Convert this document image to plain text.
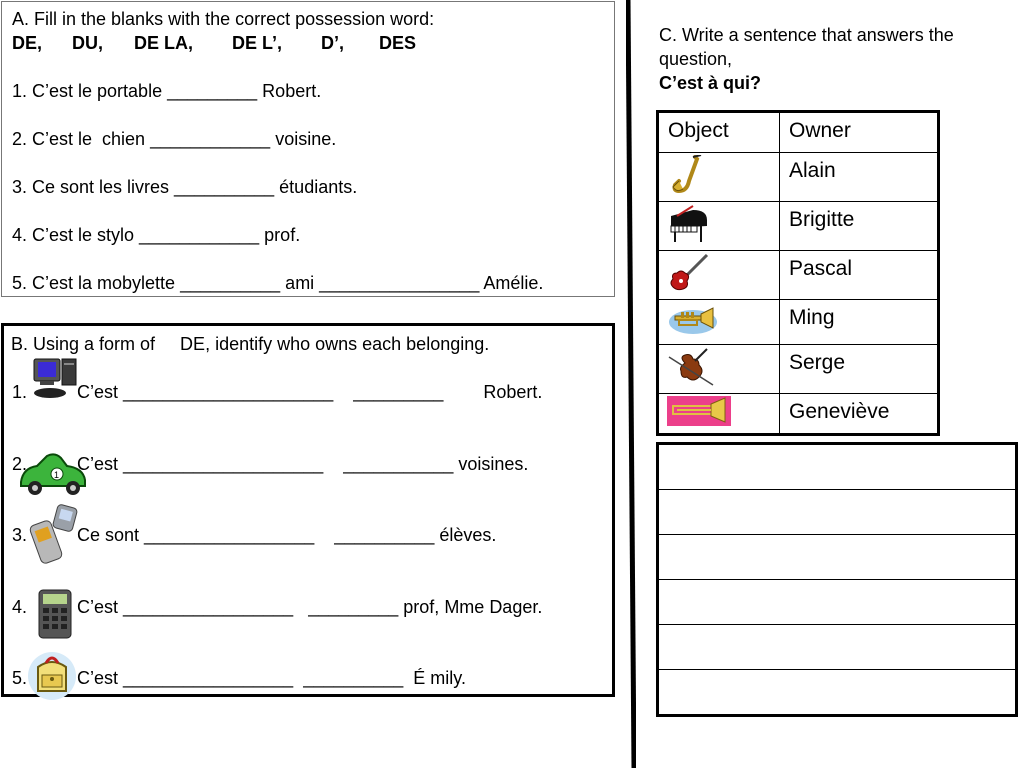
A. Fill in the blanks with the correct possession word:
DE, DU, DE LA, DE L’, D’, DES
1. C’est le portable _________ Robert.
2. C’est le  chien ____________ voisine.
3. Ce sont les livres __________ étudiants.
4. C’est le stylo ____________ prof.
5. C’est la mobylette __________ ami ________________ Amélie.
B. Using a form of     DE, identify who owns each belonging.
1.	C’est _____________________    _________        Robert.
2.
1
C’est ____________________    ___________ voisines.
3.	Ce sont _________________    __________ élèves.
4.	C’est _________________   _________ prof, Mme Dager.
5.	C’est _________________  __________  É mily.
C. Write a sentence that answers the
question,
C’est à qui?
Object	Owner

	Alain

	Brigitte

	Pascal

	Ming

	Serge

	Geneviève
